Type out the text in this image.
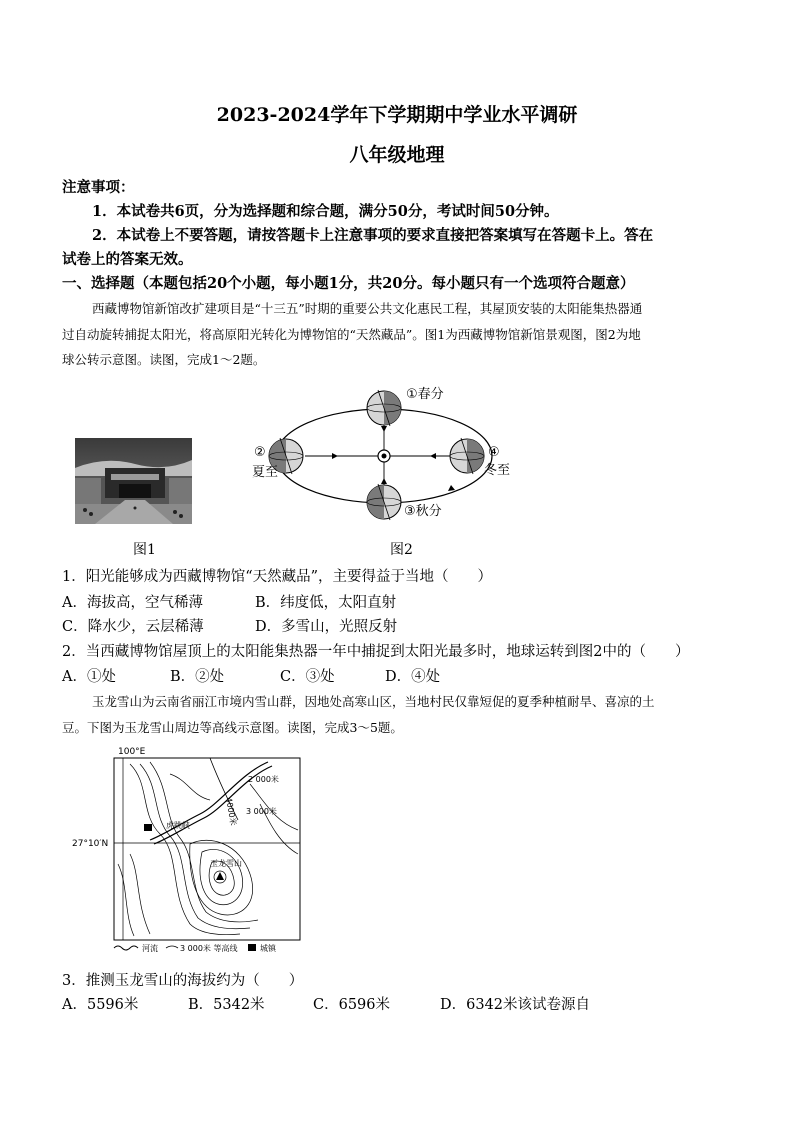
2023-2024学年下学期期中学业水平调研
八年级地理
注意事项：
1．本试卷共6页，分为选择题和综合题，满分50分，考试时间50分钟。
2．本试卷上不要答题，请按答题卡上注意事项的要求直接把答案填写在答题卡上。答在
试卷上的答案无效。
一、选择题（本题包括20个小题，每小题1分，共20分。每小题只有一个选项符合题意）
西藏博物馆新馆改扩建项目是“十三五”时期的重要公共文化惠民工程，其屋顶安装的太阳能集热器通
过自动旋转捕捉太阳光，将高原阳光转化为博物馆的“天然藏品”。图1为西藏博物馆新馆景观图，图2为地
球公转示意图。读图，完成1～2题。
图1
①春分
②
夏至
④
冬至
③秋分
图2
1．阳光能够成为西藏博物馆“天然藏品”，主要得益于当地（　　）
A．海拔高，空气稀薄	B．纬度低，太阳直射
C．降水少，云层稀薄	D．多雪山，光照反射
2．当西藏博物馆屋顶上的太阳能集热器一年中捕捉到太阳光最多时，地球运转到图2中的（　　）
A．①处	B．②处	C．③处	D．④处
玉龙雪山为云南省丽江市境内雪山群，因地处高寒山区，当地村民仅靠短促的夏季种植耐旱、喜凉的土
豆。下图为玉龙雪山周边等高线示意图。读图，完成3～5题。
100°E
27°10′N
2 000米
3 000米
4000米
虎跳峡
玉龙雪山
河流	3 000米 等高线	城镇
3．推测玉龙雪山的海拔约为（　　）
A．5596米	B．5342米	C．6596米	D．6342米该试卷源自
